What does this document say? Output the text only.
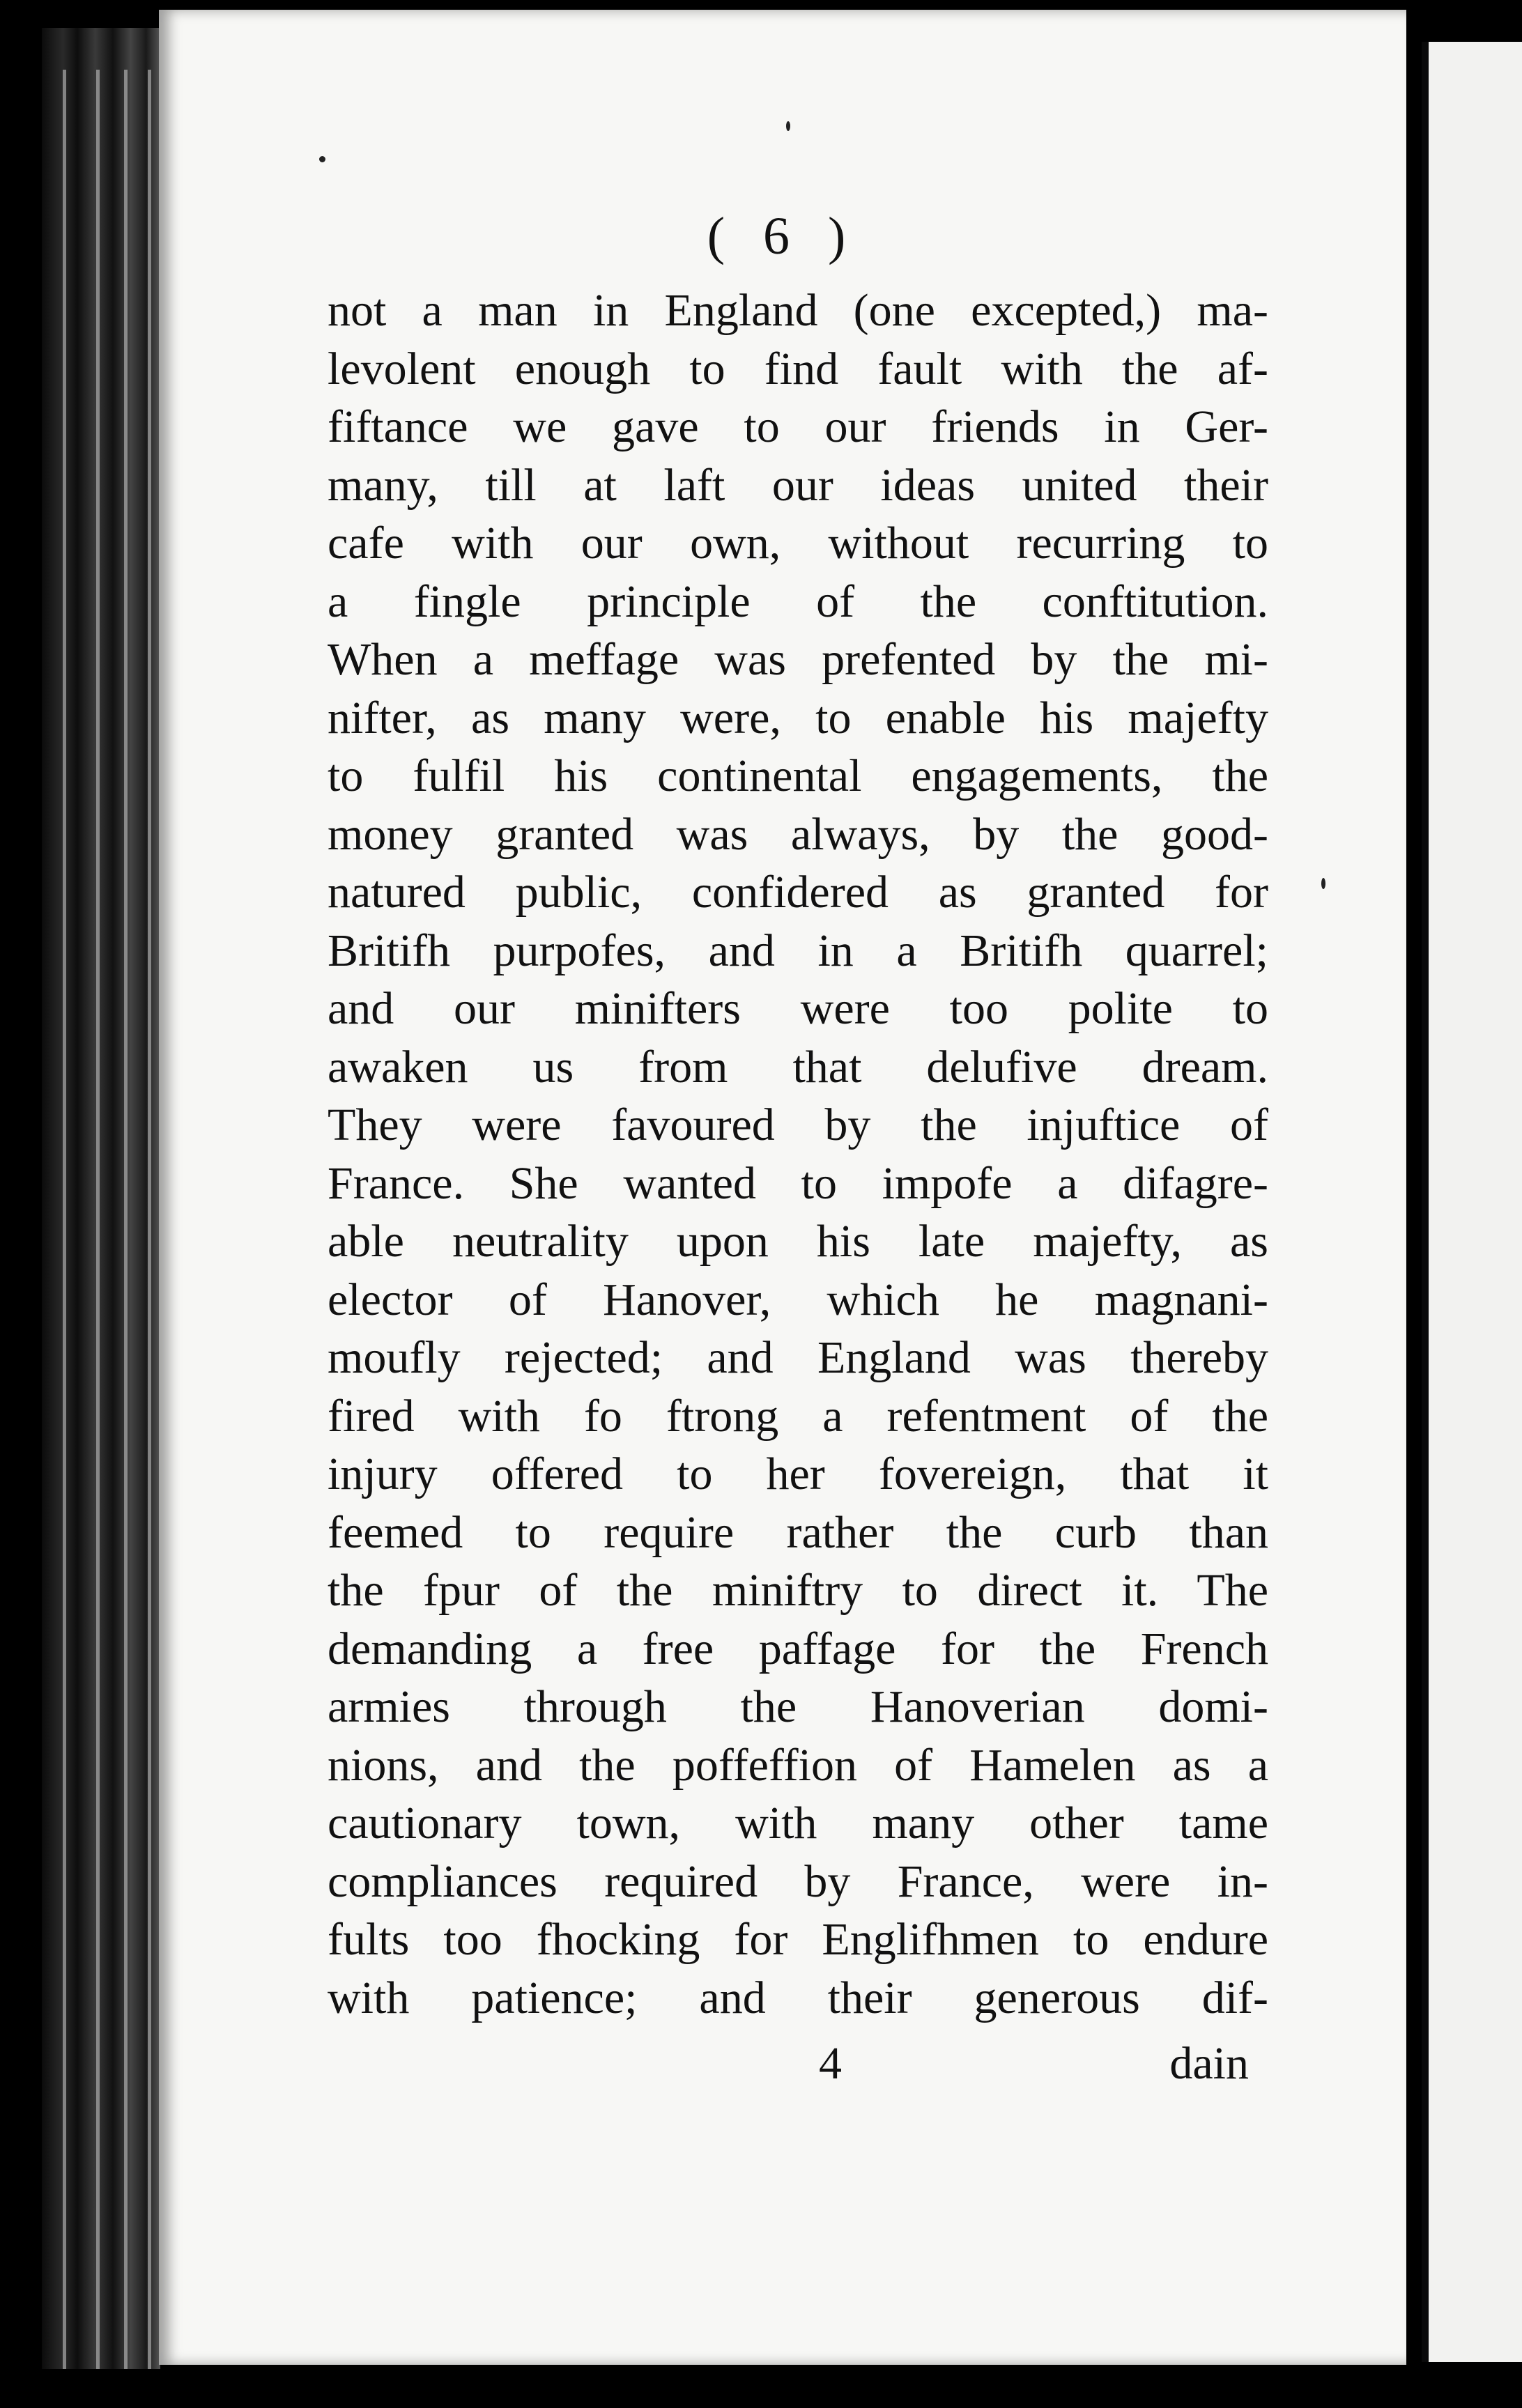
( 6 )
not a man in England (one excepted,) ma-
levolent enough to find fault with the af-
fiftance we gave to our friends in Ger-
many, till at laft our ideas united their
cafe with our own, without recurring to
a fingle principle of the conftitution.
When a meffage was prefented by the mi-
nifter, as many were, to enable his majefty
to fulfil his continental engagements, the
money granted was always, by the good-
natured public, confidered as granted for
Britifh purpofes, and in a Britifh quarrel;
and our minifters were too polite to
awaken us from that delufive dream.
They were favoured by the injuftice of
France. She wanted to impofe a difagre-
able neutrality upon his late majefty, as
elector of Hanover, which he magnani-
moufly rejected; and England was thereby
fired with fo ftrong a refentment of the
injury offered to her fovereign, that it
feemed to require rather the curb than
the fpur of the miniftry to direct it. The
demanding a free paffage for the French
armies through the Hanoverian domi-
nions, and the poffeffion of Hamelen as a
cautionary town, with many other tame
compliances required by France, were in-
fults too fhocking for Englifhmen to endure
with patience; and their generous dif-
4	dain
